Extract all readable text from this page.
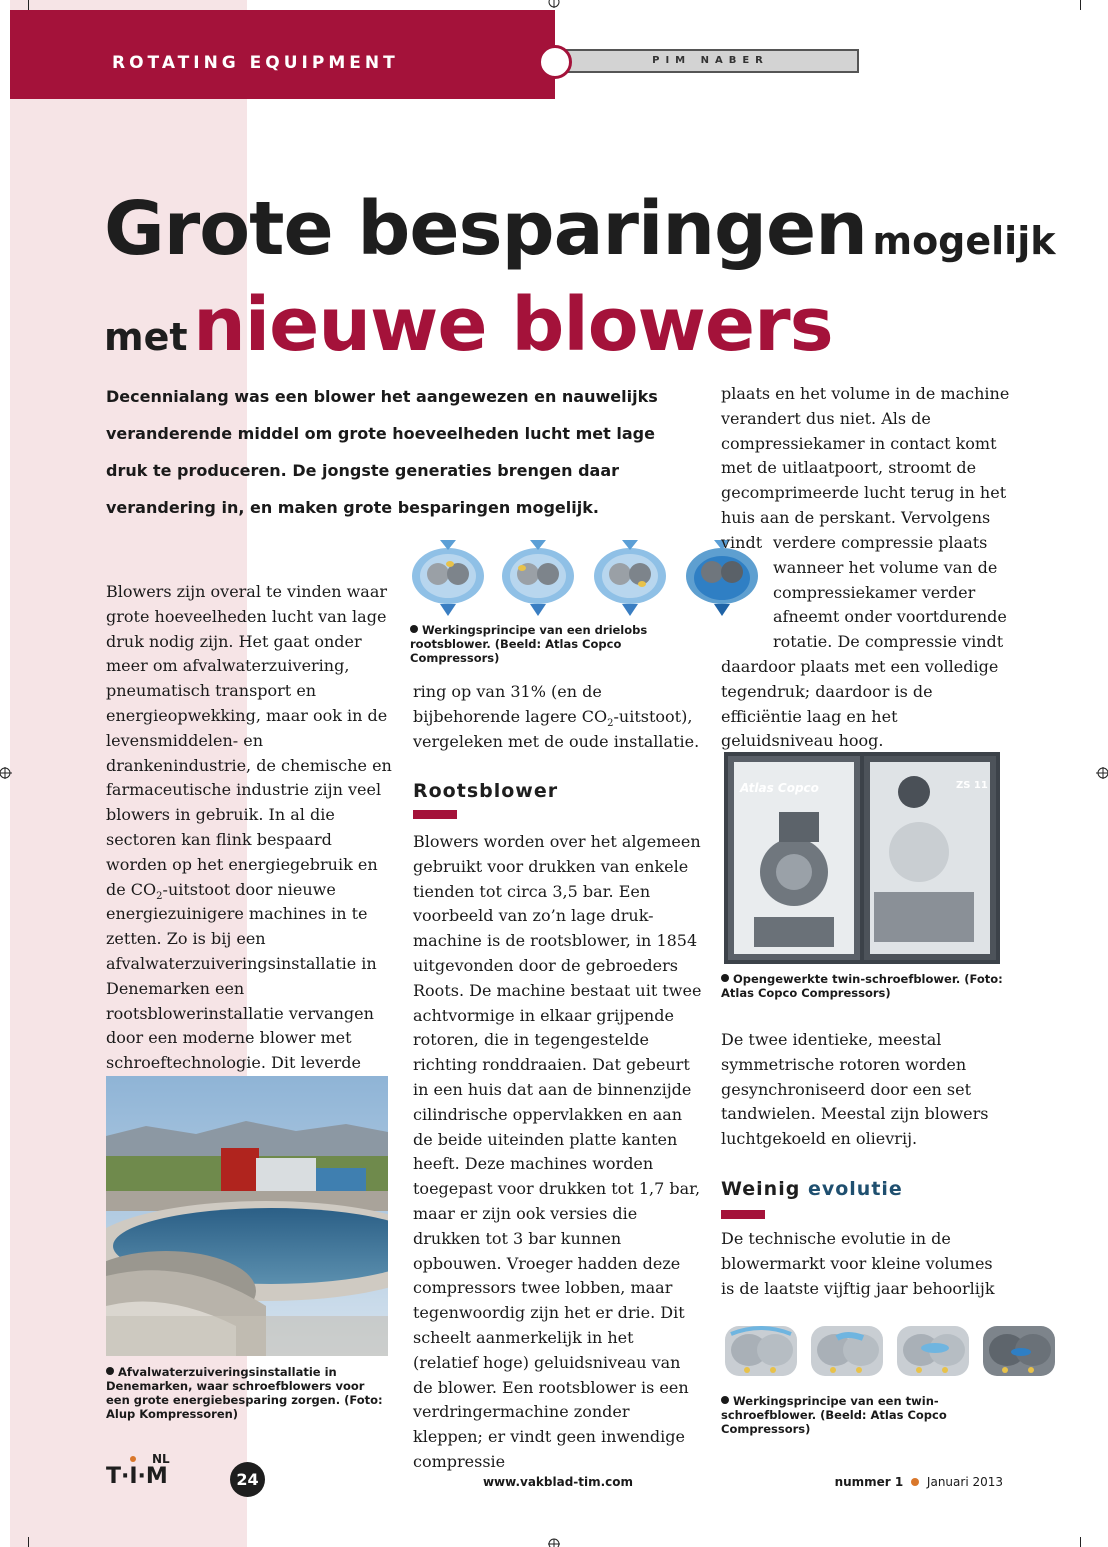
ROTATING EQUIPMENT	PIM NABER
Grote besparingen mogelijk
met nieuwe blowers

Decennialang was een blower het aangewezen en nauwelijks veranderende middel om grote hoeveelheden lucht met lage druk te produceren. De jongste generaties brengen daar verandering in, en maken grote besparingen mogelijk.

Blowers zijn overal te vinden waar grote hoeveelheden lucht van lage druk nodig zijn. Het gaat onder meer om afvalwaterzuivering, pneumatisch transport en energieopwekking, maar ook in de levensmiddelen- en drankenindustrie, de chemische en farmaceutische industrie zijn veel blowers in gebruik. In al die sectoren kan flink bespaard worden op het energiegebruik en de $CO_2$-uitstoot door nieuwe energiezuinigere machines in te zetten. Zo is bij een afvalwaterzuiveringsinstallatie in Denemarken een rootsblowerinstallatie vervangen door een moderne blower met schroeftechnologie. Dit leverde

Afvalwaterzuiveringsinstallatie in Denemarken, waar schroefblowers voor een grote energiebesparing zorgen. (Foto: Alup Kompressoren)

Werkingsprincipe van een drielobs rootsblower. (Beeld: Atlas Copco Compressors)

ring op van 31% (en de bijbehorende lagere $CO_2-uitstoot$), vergeleken met de oude installatie.

Rootsblower

Blowers worden over het algemeen gebruikt voor drukken van enkele tienden tot circa 3,5 bar. Een voorbeeld van zo’n lage druk-machine is de rootsblower, in 1854 uitgevonden door de gebroeders Roots. De machine bestaat uit twee achtvormige in elkaar grijpende rotoren, die in tegengestelde richting ronddraaien. Dat gebeurt in een huis dat aan de binnenzijde cilindrische oppervlakken en aan de beide uiteinden platte kanten heeft. Deze machines worden toegepast voor drukken tot 1,7 bar, maar er zijn ook versies die drukken tot 3 bar kunnen opbouwen. Vroeger hadden deze compressors twee lobben, maar tegenwoordig zijn het er drie. Dit scheelt aanmerkelijk in het (relatief hoge) geluidsniveau van de blower. Een rootsblower is een verdringermachine zonder kleppen; er vindt geen inwendige compressie

plaats en het volume in de machine verandert dus niet. Als de compressiekamer in contact komt met de uitlaatpoort, stroomt de gecomprimeerde lucht terug in het huis aan de perskant. Vervolgens vindt verdere compressie plaats wanneer het volume van de compressiekamer verder afneemt onder voortdurende rotatie. De compressie vindt

daardoor plaats met een volledige tegendruk; daardoor is de efficiëntie laag en het geluidsniveau hoog.

Atlas Copco	ZS 11

Opengewerkte twin-schroefblower. (Foto: Atlas Copco Compressors)

De twee identieke, meestal symmetrische rotoren worden gesynchroniseerd door een set tandwielen. Meestal zijn blowers luchtgekoeld en olievrij.

Weinig evolutie

De technische evolutie in de blowermarkt voor kleine volumes is de laatste vijftig jaar behoorlijk

Werkingsprincipe van een twin-schroefblower. (Beeld: Atlas Copco Compressors)

NL
T·I·M	24	www.vakblad-tim.com	nummer 1 Januari 2013
